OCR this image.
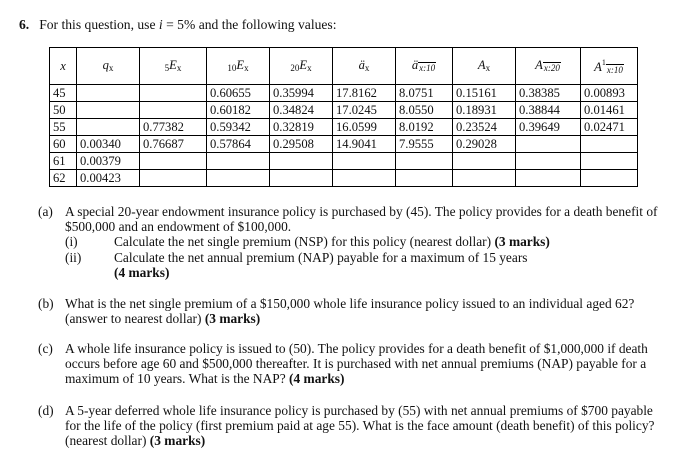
6. For this question, use i = 5% and the following values:
x	$q_x$	$5E_x$	$10E_x$	$20E_x$	$ä_x$	$ä_{x:10}$	$A_x$	$A_{x:20}$	$A^1_{x:10}$
45			0.60655	0.35994	17.8162	8.0751	0.15161	0.38385	0.00893
50			0.60182	0.34824	17.0245	8.0550	0.18931	0.38844	0.01461
55		0.77382	0.59342	0.32819	16.0599	8.0192	0.23524	0.39649	0.02471
60	0.00340	0.76687	0.57864	0.29508	14.9041	7.9555	0.29028		
61	0.00379								
62	0.00423								
(a) A special 20-year endowment insurance policy is purchased by (45). The policy provides for a death benefit of $500,000 and an endowment of $100,000.
(i)	Calculate the net single premium (NSP) for this policy (nearest dollar) (3 marks)
(ii) Calculate the net annual premium (NAP) payable for a maximum of 15 years
(4 marks)
(b) What is the net single premium of a $150,000 whole life insurance policy issued to an individual aged 62? (answer to nearest dollar) (3 marks)
(c) A whole life insurance policy is issued to (50). The policy provides for a death benefit of $1,000,000 if death occurs before age 60 and $500,000 thereafter. It is purchased with net annual premiums (NAP) payable for a maximum of 10 years. What is the NAP? (4 marks)
(d) A 5-year deferred whole life insurance policy is purchased by (55) with net annual premiums of $700 payable for the life of the policy (first premium paid at age 55). What is the face amount (death benefit) of this policy? (nearest dollar) (3 marks)
